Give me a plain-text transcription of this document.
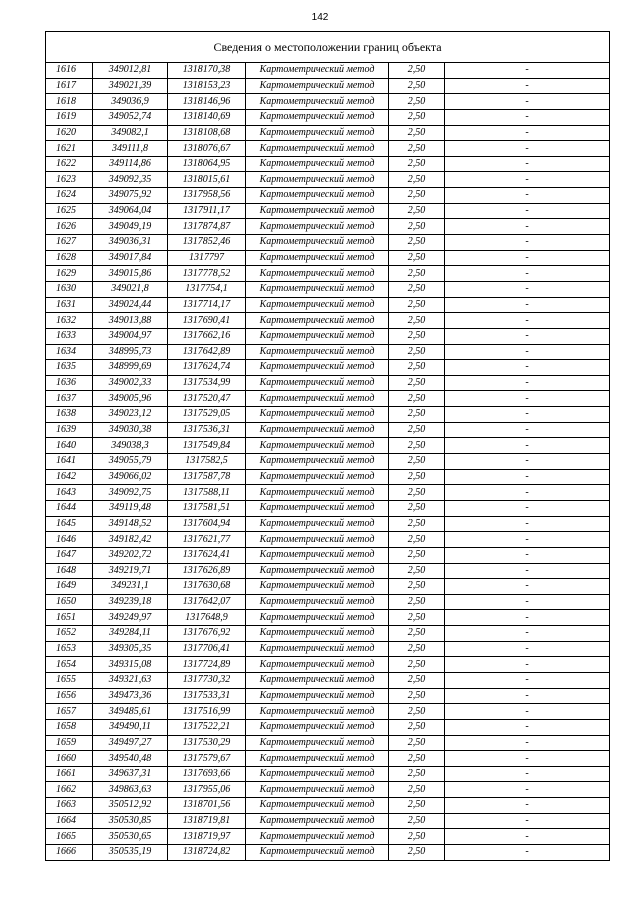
142
Сведения о местоположении границ объекта
1616	349012,81	1318170,38	Картометрический метод	2,50	-
1617	349021,39	1318153,23	Картометрический метод	2,50	-
1618	349036,9	1318146,96	Картометрический метод	2,50	-
1619	349052,74	1318140,69	Картометрический метод	2,50	-
1620	349082,1	1318108,68	Картометрический метод	2,50	-
1621	349111,8	1318076,67	Картометрический метод	2,50	-
1622	349114,86	1318064,95	Картометрический метод	2,50	-
1623	349092,35	1318015,61	Картометрический метод	2,50	-
1624	349075,92	1317958,56	Картометрический метод	2,50	-
1625	349064,04	1317911,17	Картометрический метод	2,50	-
1626	349049,19	1317874,87	Картометрический метод	2,50	-
1627	349036,31	1317852,46	Картометрический метод	2,50	-
1628	349017,84	1317797	Картометрический метод	2,50	-
1629	349015,86	1317778,52	Картометрический метод	2,50	-
1630	349021,8	1317754,1	Картометрический метод	2,50	-
1631	349024,44	1317714,17	Картометрический метод	2,50	-
1632	349013,88	1317690,41	Картометрический метод	2,50	-
1633	349004,97	1317662,16	Картометрический метод	2,50	-
1634	348995,73	1317642,89	Картометрический метод	2,50	-
1635	348999,69	1317624,74	Картометрический метод	2,50	-
1636	349002,33	1317534,99	Картометрический метод	2,50	-
1637	349005,96	1317520,47	Картометрический метод	2,50	-
1638	349023,12	1317529,05	Картометрический метод	2,50	-
1639	349030,38	1317536,31	Картометрический метод	2,50	-
1640	349038,3	1317549,84	Картометрический метод	2,50	-
1641	349055,79	1317582,5	Картометрический метод	2,50	-
1642	349066,02	1317587,78	Картометрический метод	2,50	-
1643	349092,75	1317588,11	Картометрический метод	2,50	-
1644	349119,48	1317581,51	Картометрический метод	2,50	-
1645	349148,52	1317604,94	Картометрический метод	2,50	-
1646	349182,42	1317621,77	Картометрический метод	2,50	-
1647	349202,72	1317624,41	Картометрический метод	2,50	-
1648	349219,71	1317626,89	Картометрический метод	2,50	-
1649	349231,1	1317630,68	Картометрический метод	2,50	-
1650	349239,18	1317642,07	Картометрический метод	2,50	-
1651	349249,97	1317648,9	Картометрический метод	2,50	-
1652	349284,11	1317676,92	Картометрический метод	2,50	-
1653	349305,35	1317706,41	Картометрический метод	2,50	-
1654	349315,08	1317724,89	Картометрический метод	2,50	-
1655	349321,63	1317730,32	Картометрический метод	2,50	-
1656	349473,36	1317533,31	Картометрический метод	2,50	-
1657	349485,61	1317516,99	Картометрический метод	2,50	-
1658	349490,11	1317522,21	Картометрический метод	2,50	-
1659	349497,27	1317530,29	Картометрический метод	2,50	-
1660	349540,48	1317579,67	Картометрический метод	2,50	-
1661	349637,31	1317693,66	Картометрический метод	2,50	-
1662	349863,63	1317955,06	Картометрический метод	2,50	-
1663	350512,92	1318701,56	Картометрический метод	2,50	-
1664	350530,85	1318719,81	Картометрический метод	2,50	-
1665	350530,65	1318719,97	Картометрический метод	2,50	-
1666	350535,19	1318724,82	Картометрический метод	2,50	-
